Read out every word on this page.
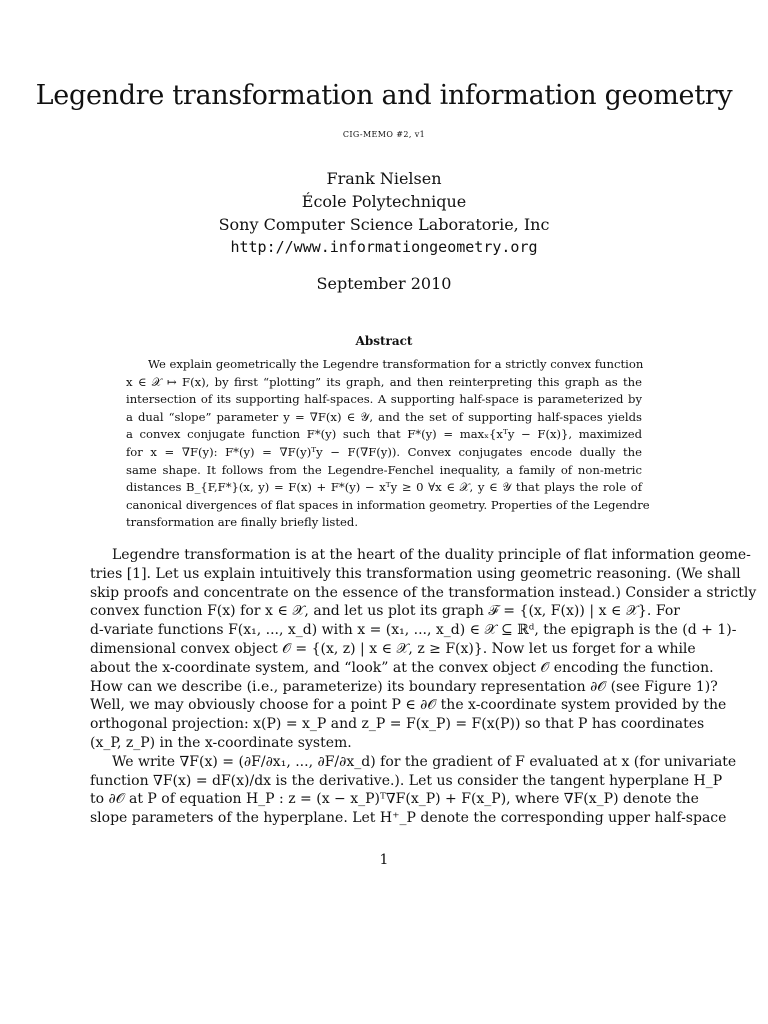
Legendre transformation and information geometry
CIG-MEMO #2, v1
Frank Nielsen
École Polytechnique
Sony Computer Science Laboratorie, Inc
http://www.informationgeometry.org
September 2010
Abstract
We explain geometrically the Legendre transformation for a strictly convex function
x ∈ 𝒳 ↦ F(x), by first “plotting” its graph, and then reinterpreting this graph as the
intersection of its supporting half-spaces. A supporting half-space is parameterized by
a dual “slope” parameter y = ∇F(x) ∈ 𝒴, and the set of supporting half-spaces yields
a convex conjugate function F*(y) such that F*(y) = maxₓ{xᵀy − F(x)}, maximized
for x = ∇F(y): F*(y) = ∇F(y)ᵀy − F(∇F(y)). Convex conjugates encode dually the
same shape. It follows from the Legendre-Fenchel inequality, a family of non-metric
distances B_{F,F*}(x, y) = F(x) + F*(y) − xᵀy ≥ 0 ∀x ∈ 𝒳, y ∈ 𝒴 that plays the role of
canonical divergences of flat spaces in information geometry. Properties of the Legendre
transformation are finally briefly listed.
Legendre transformation is at the heart of the duality principle of flat information geome-
tries [1]. Let us explain intuitively this transformation using geometric reasoning. (We shall
skip proofs and concentrate on the essence of the transformation instead.) Consider a strictly
convex function F(x) for x ∈ 𝒳, and let us plot its graph ℱ = {(x, F(x)) | x ∈ 𝒳}. For
d-variate functions F(x₁, ..., x_d) with x = (x₁, ..., x_d) ∈ 𝒳 ⊆ ℝᵈ, the epigraph is the (d + 1)-
dimensional convex object 𝒪 = {(x, z) | x ∈ 𝒳, z ≥ F(x)}. Now let us forget for a while
about the x-coordinate system, and “look” at the convex object 𝒪 encoding the function.
How can we describe (i.e., parameterize) its boundary representation ∂𝒪 (see Figure 1)?
Well, we may obviously choose for a point P ∈ ∂𝒪 the x-coordinate system provided by the
orthogonal projection: x(P) = x_P and z_P = F(x_P) = F(x(P)) so that P has coordinates
(x_P, z_P) in the x-coordinate system.
We write ∇F(x) = (∂F/∂x₁, ..., ∂F/∂x_d) for the gradient of F evaluated at x (for univariate
function ∇F(x) = dF(x)/dx is the derivative.). Let us consider the tangent hyperplane H_P
to ∂𝒪 at P of equation H_P : z = (x − x_P)ᵀ∇F(x_P) + F(x_P), where ∇F(x_P) denote the
slope parameters of the hyperplane. Let H⁺_P denote the corresponding upper half-space
1
